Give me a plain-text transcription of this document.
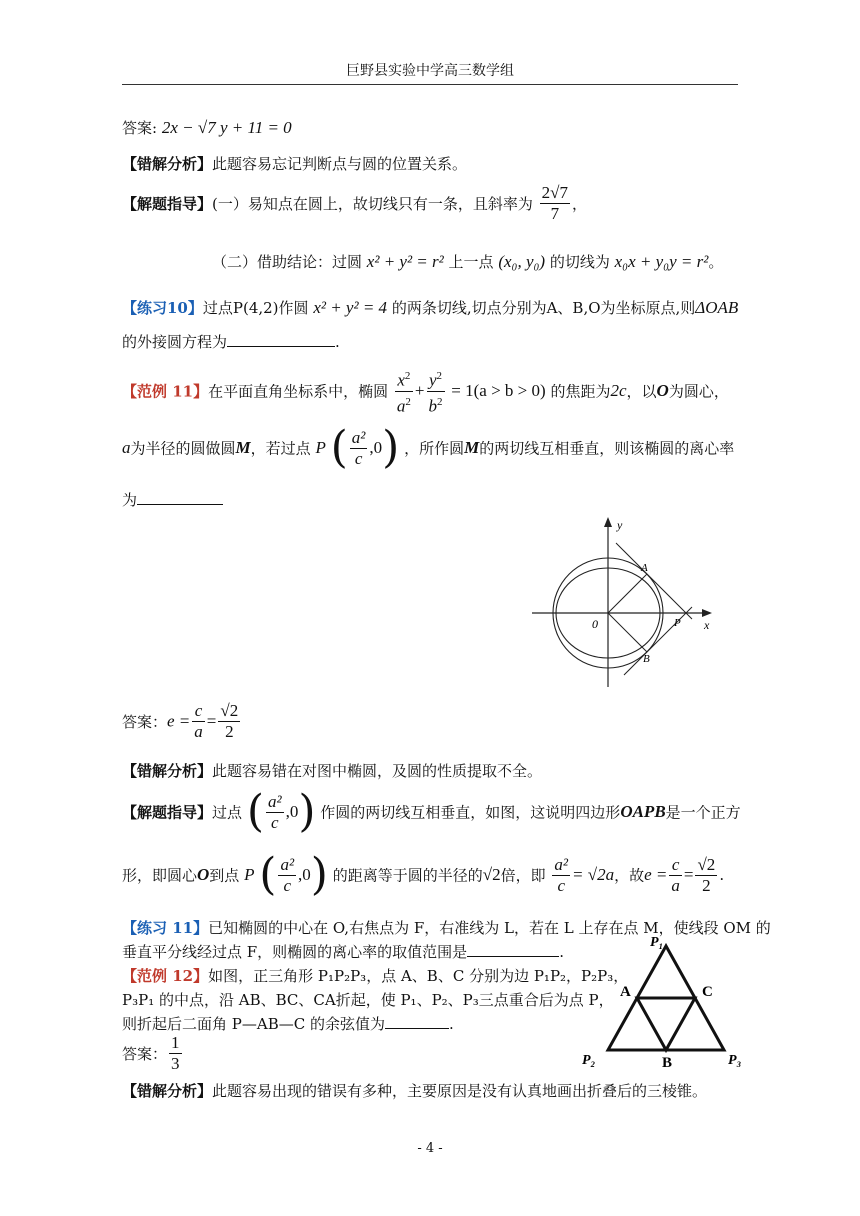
巨野县实验中学高三数学组
答案: 2x − √7 y + 11 = 0
【错解分析】此题容易忘记判断点与圆的位置关系。
【解题指导】(一）易知点在圆上，故切线只有一条，且斜率为 $\frac{2√7}{7}$ ，
（二）借助结论：过圆 x² + y² = r² 上一点 (x₀, y₀) 的切线为 x₀x + y₀y = r²。
【练习10】过点P(4,2)作圆 x² + y² = 4 的两条切线,切点分别为A、B,O为坐标原点,则ΔOAB
的外接圆方程为	.
【范例 11】在平面直角坐标系中，椭圆 $\frac{x^2}{a^2} + \frac{y^2}{b^2} = 1(a > b > 0)$ 的焦距为2c，以O为圆心，
a为半径的圆做圆M，若过点 P ( $\frac{\text{a²}}{c} ,0$) ，所作圆M的两切线互相垂直，则该椭圆的离心率
为
y
x
0
A
B
P
答案：$e = \frac{c}{a} = \frac{√2}{2}$
【错解分析】此题容易错在对图中椭圆，及圆的性质提取不全。
【解题指导】过点 ( $\frac{\text{a²}}{c} ,0$) 作圆的两切线互相垂直，如图，这说明四边形OAPB是一个正方
形，即圆心O到点 P ( $\frac{\text{a²}}{c} ,0$) 的距离等于圆的半径的√2倍，即 $\frac{\text{a²}}{c} = √2a$，故$e = \frac{c}{a} = \frac{√2}{2}$ .
【练习 11】已知椭圆的中心在 O,右焦点为 F，右准线为 L，若在 L 上存在点 M，使线段 OM 的
垂直平分线经过点 F，则椭圆的离心率的取值范围是	.
【范例 12】如图，正三角形 P₁P₂P₃，点 A、B、C 分别为边 P₁P₂，P₂P₃，
P₃P₁ 的中点，沿 AB、BC、CA折起，使 P₁、P₂、P₃三点重合后为点 P，
则折起后二面角 P—AB—C 的余弦值为	.
答案： $\frac{1}{3}$
【错解分析】此题容易出现的错误有多种，主要原因是没有认真地画出折叠后的三棱锥。
P₁
P₂	P₃
A	C
B
- 4 -
